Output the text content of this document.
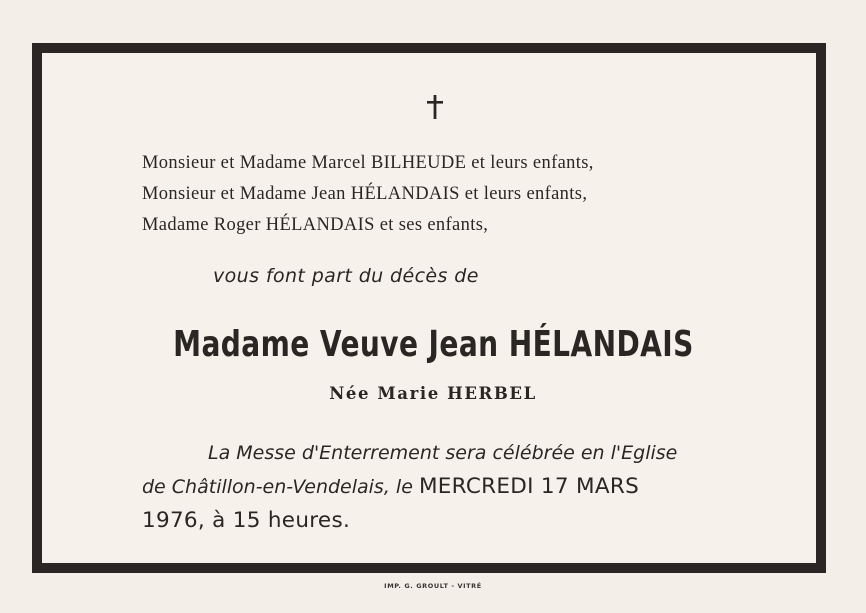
Monsieur et Madame Marcel BILHEUDE et leurs enfants,
Monsieur et Madame Jean HÉLANDAIS et leurs enfants,
Madame Roger HÉLANDAIS et ses enfants,
vous font part du décès de
Madame Veuve Jean HÉLANDAIS
Née Marie HERBEL
La Messe d'Enterrement sera célébrée en l'Eglise
de Châtillon-en-Vendelais, le MERCREDI 17 MARS
1976, à 15 heures.
IMP. G. GROULT - VITRÉ
